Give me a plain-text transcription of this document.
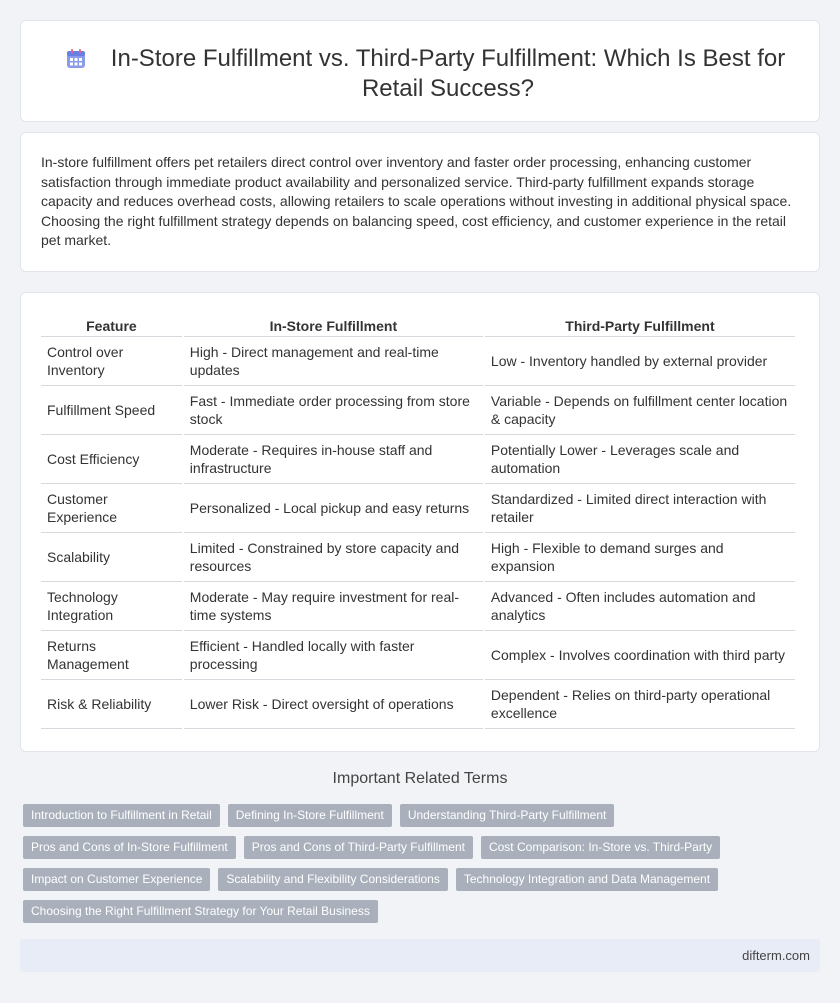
In-Store Fulfillment vs. Third-Party Fulfillment: Which Is Best for Retail Success?

In-store fulfillment offers pet retailers direct control over inventory and faster order processing, enhancing customer satisfaction through immediate product availability and personalized service. Third-party fulfillment expands storage capacity and reduces overhead costs, allowing retailers to scale operations without investing in additional physical space. Choosing the right fulfillment strategy depends on balancing speed, cost efficiency, and customer experience in the retail pet market.

Feature	In-Store Fulfillment	Third-Party Fulfillment
Control over Inventory	High - Direct management and real-time updates	Low - Inventory handled by external provider
Fulfillment Speed	Fast - Immediate order processing from store stock	Variable - Depends on fulfillment center location & capacity
Cost Efficiency	Moderate - Requires in-house staff and infrastructure	Potentially Lower - Leverages scale and automation
Customer Experience	Personalized - Local pickup and easy returns	Standardized - Limited direct interaction with retailer
Scalability	Limited - Constrained by store capacity and resources	High - Flexible to demand surges and expansion
Technology Integration	Moderate - May require investment for real-time systems	Advanced - Often includes automation and analytics
Returns Management	Efficient - Handled locally with faster processing	Complex - Involves coordination with third party
Risk & Reliability	Lower Risk - Direct oversight of operations	Dependent - Relies on third-party operational excellence
Important Related Terms
Introduction to Fulfillment in Retail	Defining In-Store Fulfillment	Understanding Third-Party Fulfillment
Pros and Cons of In-Store Fulfillment	Pros and Cons of Third-Party Fulfillment	Cost Comparison: In-Store vs. Third-Party
Impact on Customer Experience	Scalability and Flexibility Considerations	Technology Integration and Data Management
Choosing the Right Fulfillment Strategy for Your Retail Business
difterm.com
